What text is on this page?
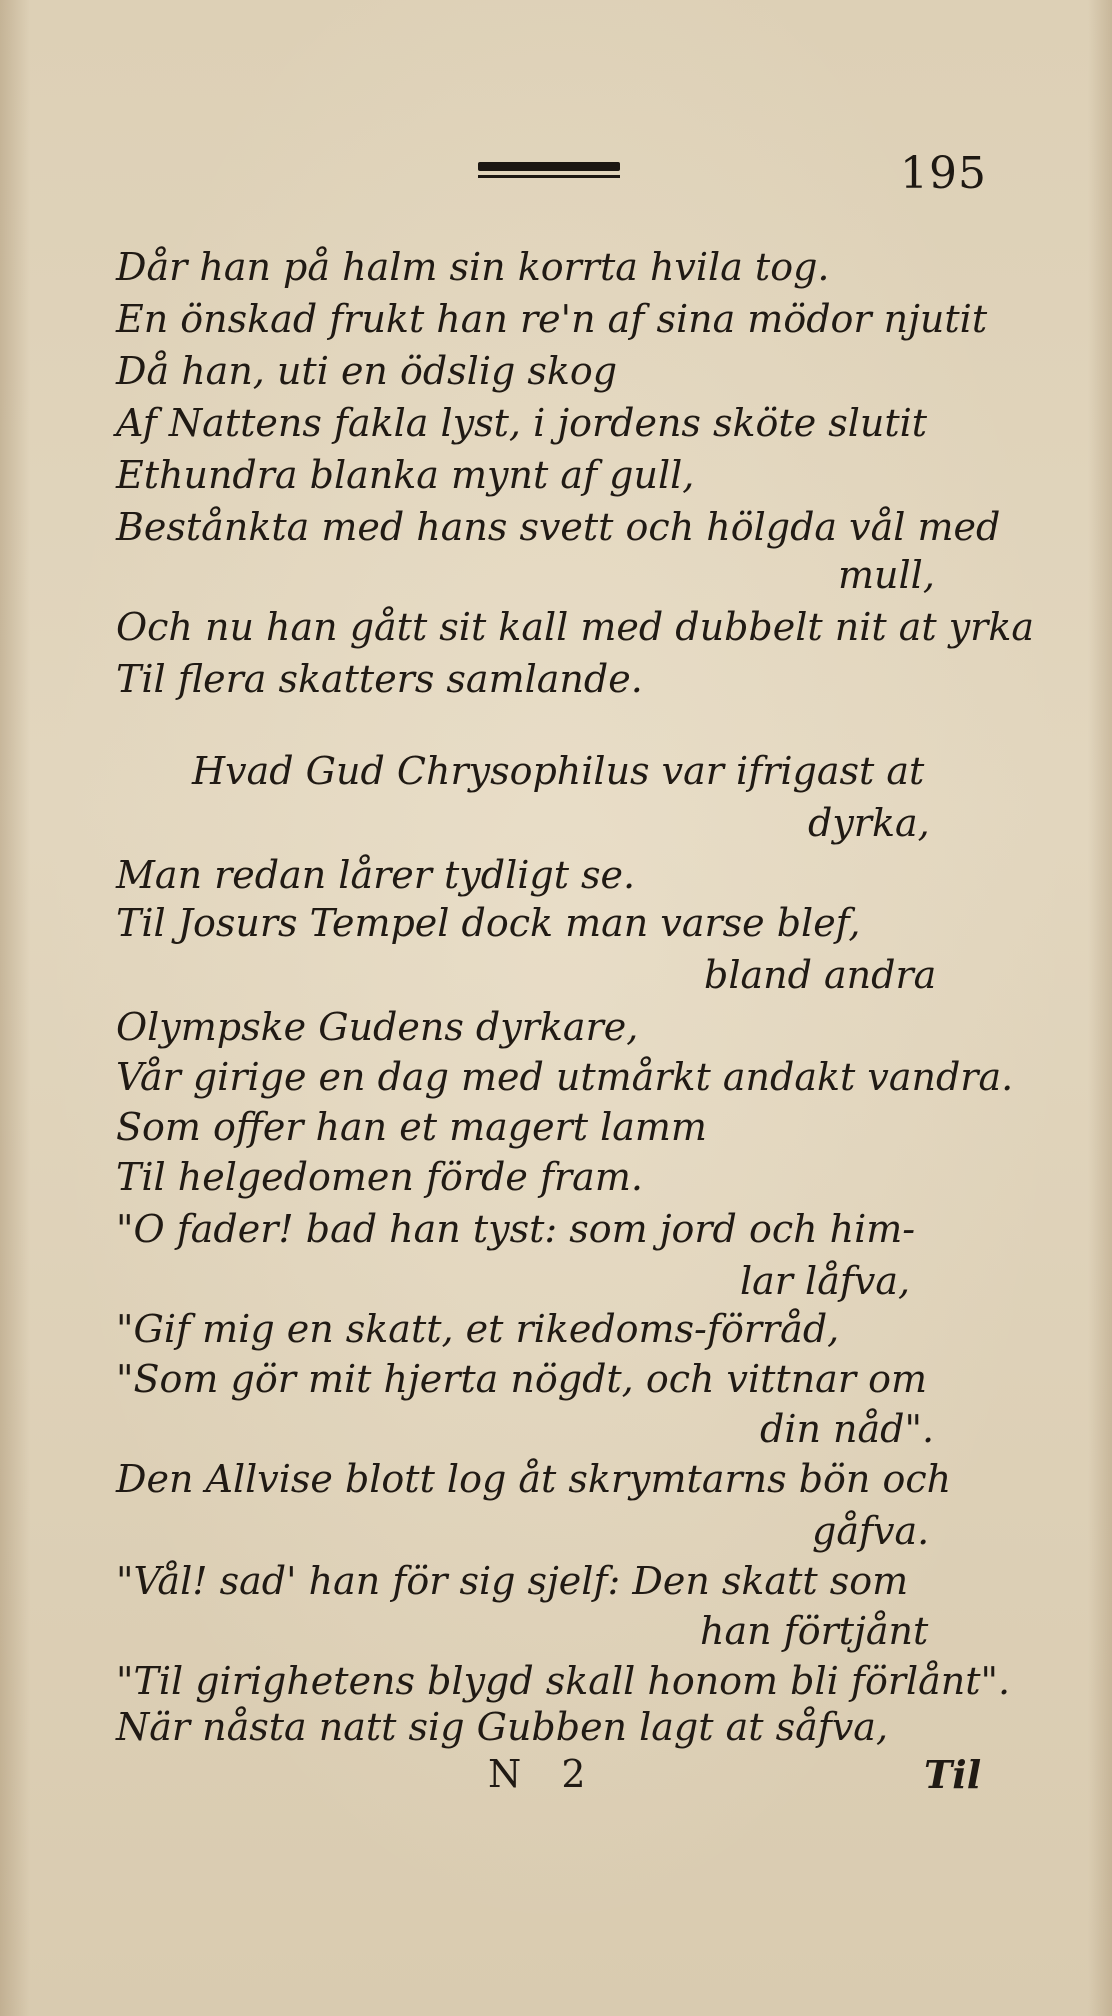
195
Dår han på halm sin korrta hvila tog.
En önskad frukt han re'n af sina mödor njutit
Då han, uti en ödslig skog
Af Nattens fakla lyst, i jordens sköte slutit
Ethundra blanka mynt af gull,
Bestånkta med hans svett och hölgda vål med
mull,
Och nu han gått sit kall med dubbelt nit at yrka
Til flera skatters samlande.
Hvad Gud Chrysophilus var ifrigast at
dyrka,
Man redan lårer tydligt se.
Til Josurs Tempel dock man varse blef,
bland andra
Olympske Gudens dyrkare,
Vår girige en dag med utmårkt andakt vandra.
Som offer han et magert lamm
Til helgedomen förde fram.
"O fader! bad han tyst: som jord och him-
lar låfva,
"Gif mig en skatt, et rikedoms-förråd,
"Som gör mit hjerta nögdt, och vittnar om
din nåd".
Den Allvise blott log åt skrymtarns bön och
gåfva.
"Vål! sad' han för sig sjelf: Den skatt som
han förtjånt
"Til girighetens blygd skall honom bli förlånt".
När nåsta natt sig Gubben lagt at såfva,
N 2	Til
